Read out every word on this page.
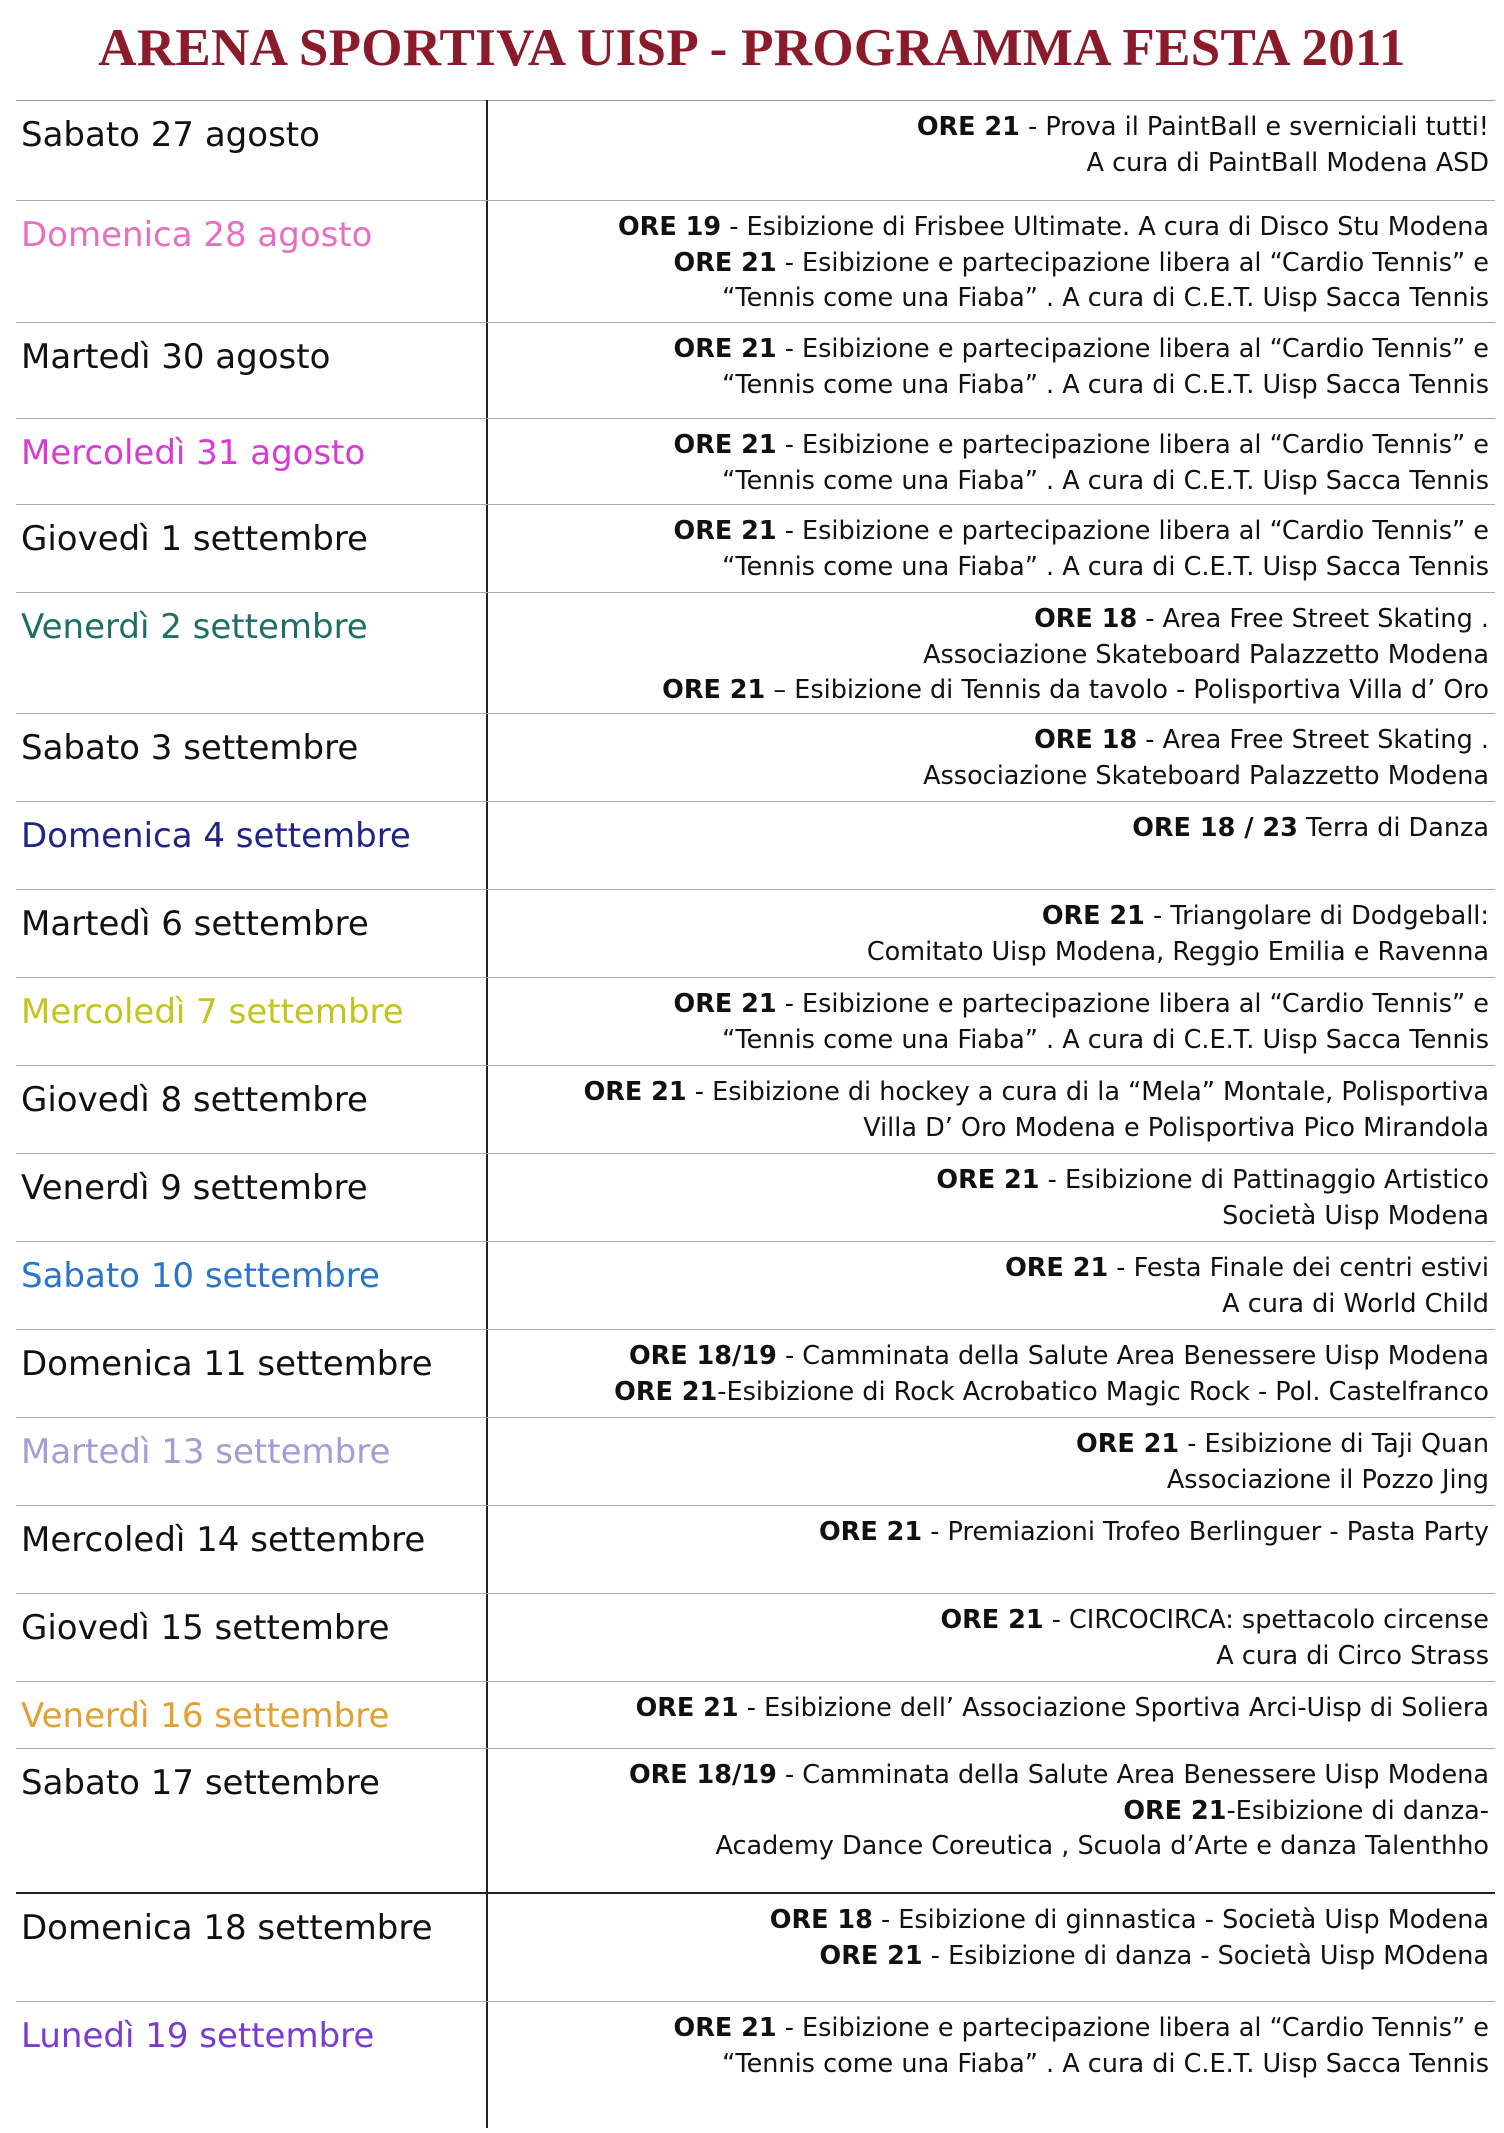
ARENA SPORTIVA UISP - PROGRAMMA FESTA 2011
Sabato 27 agosto	ORE 21 - Prova il PaintBall e sverniciali tutti!
A cura di PaintBall Modena ASD
Domenica 28 agosto	ORE 19 - Esibizione di Frisbee Ultimate. A cura di Disco Stu Modena
ORE 21 - Esibizione e partecipazione libera al “Cardio Tennis” e
“Tennis come una Fiaba” . A cura di C.E.T. Uisp Sacca Tennis
Martedì 30 agosto	ORE 21 - Esibizione e partecipazione libera al “Cardio Tennis” e
“Tennis come una Fiaba” . A cura di C.E.T. Uisp Sacca Tennis
Mercoledì 31 agosto	ORE 21 - Esibizione e partecipazione libera al “Cardio Tennis” e
“Tennis come una Fiaba” . A cura di C.E.T. Uisp Sacca Tennis
Giovedì 1 settembre	ORE 21 - Esibizione e partecipazione libera al “Cardio Tennis” e
“Tennis come una Fiaba” . A cura di C.E.T. Uisp Sacca Tennis
Venerdì 2 settembre	ORE 18 - Area Free Street Skating .
Associazione Skateboard Palazzetto Modena
ORE 21 – Esibizione di Tennis da tavolo - Polisportiva Villa d’ Oro
Sabato 3 settembre	ORE 18 - Area Free Street Skating .
Associazione Skateboard Palazzetto Modena
Domenica 4 settembre	ORE 18 / 23 Terra di Danza
Martedì 6 settembre	ORE 21 - Triangolare di Dodgeball:
Comitato Uisp Modena, Reggio Emilia e Ravenna
Mercoledì 7 settembre	ORE 21 - Esibizione e partecipazione libera al “Cardio Tennis” e
“Tennis come una Fiaba” . A cura di C.E.T. Uisp Sacca Tennis
Giovedì 8 settembre	ORE 21 - Esibizione di hockey a cura di la “Mela” Montale, Polisportiva
Villa D’ Oro Modena e Polisportiva Pico Mirandola
Venerdì 9 settembre	ORE 21 - Esibizione di Pattinaggio Artistico
Società Uisp Modena
Sabato 10 settembre	ORE 21 - Festa Finale dei centri estivi
A cura di World Child
Domenica 11 settembre	ORE 18/19 - Camminata della Salute Area Benessere Uisp Modena
ORE 21-Esibizione di Rock Acrobatico Magic Rock - Pol. Castelfranco
Martedì 13 settembre	ORE 21 - Esibizione di Taji Quan
Associazione il Pozzo Jing
Mercoledì 14 settembre	ORE 21 - Premiazioni Trofeo Berlinguer - Pasta Party
Giovedì 15 settembre	ORE 21 - CIRCOCIRCA: spettacolo circense
A cura di Circo Strass
Venerdì 16 settembre	ORE 21 - Esibizione dell’ Associazione Sportiva Arci-Uisp di Soliera
Sabato 17 settembre	ORE 18/19 - Camminata della Salute Area Benessere Uisp Modena
ORE 21-Esibizione di danza-
Academy Dance Coreutica , Scuola d’Arte e danza Talenthho
Domenica 18 settembre	ORE 18 - Esibizione di ginnastica - Società Uisp Modena
ORE 21 - Esibizione di danza - Società Uisp MOdena
Lunedì 19 settembre	ORE 21 - Esibizione e partecipazione libera al “Cardio Tennis” e
“Tennis come una Fiaba” . A cura di C.E.T. Uisp Sacca Tennis
